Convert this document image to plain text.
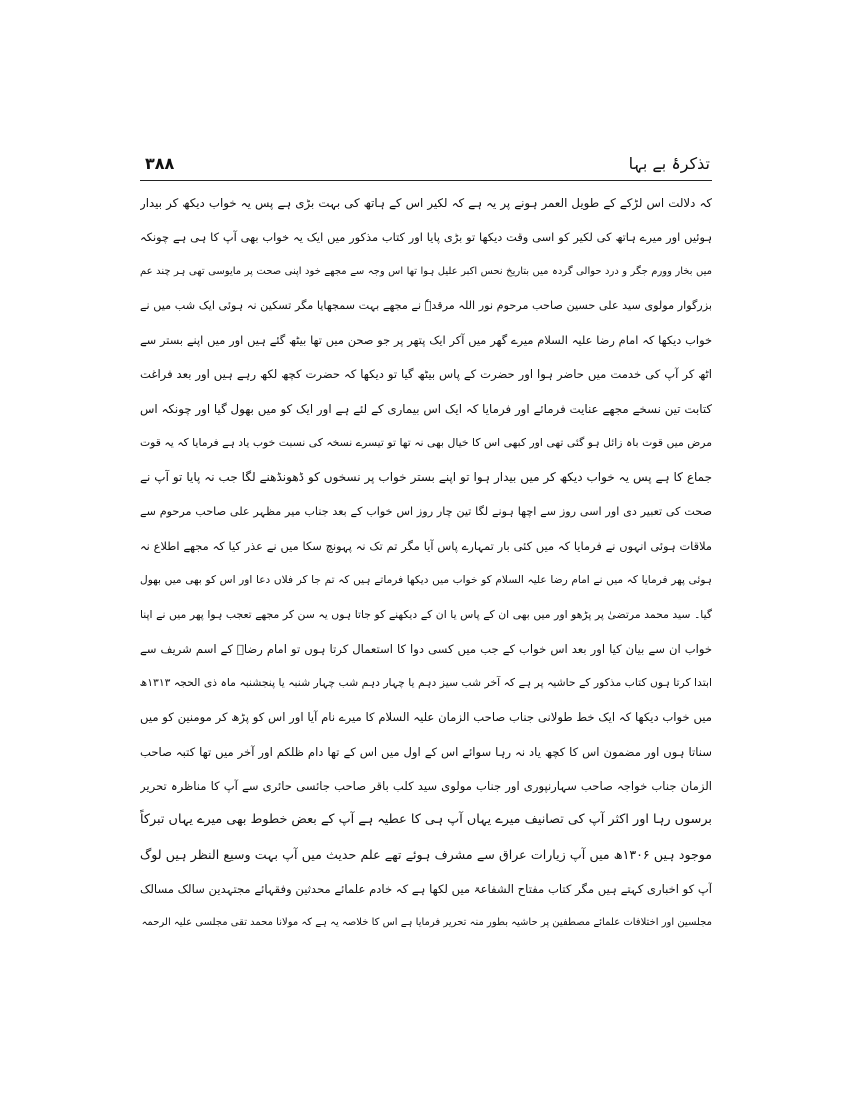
تذکرۂ بے بہا
۳۸۸
کہ دلالت اس لڑکے کے طویل العمر ہونے پر یہ ہے کہ لکیر اس کے ہاتھ کی بہت بڑی ہے پس یہ خواب دیکھ کر بیدار
ہوئیں اور میرے ہاتھ کی لکیر کو اسی وقت دیکھا تو بڑی پایا اور کتاب مذکور میں ایک یہ خواب بھی آپ کا ہی ہے چونکہ
میں بخار وورم جگر و درد حوالی گردہ میں بتاریخ نحس اکبر علیل ہوا تھا اس وجہ سے مجھے خود اپنی صحت پر مایوسی تھی ہر چند عم
بزرگوار مولوی سید علی حسین صاحب مرحوم نور اللہ مرقدہٗ نے مجھے بہت سمجھایا مگر تسکین نہ ہوئی ایک شب میں نے
خواب دیکھا کہ امام رضا علیہ السلام میرے گھر میں آکر ایک پتھر پر جو صحن میں تھا بیٹھ گئے ہیں اور میں اپنے بستر سے
اٹھ کر آپ کی خدمت میں حاضر ہوا اور حضرت کے پاس بیٹھ گیا تو دیکھا کہ حضرت کچھ لکھ رہے ہیں اور بعد فراغت
کتابت تین نسخے مجھے عنایت فرمائے اور فرمایا کہ ایک اس بیماری کے لئے ہے اور ایک کو میں بھول گیا اور چونکہ اس
مرض میں قوت باہ زائل ہو گئی تھی اور کبھی اس کا خیال بھی نہ تھا تو تیسرے نسخہ کی نسبت خوب یاد ہے فرمایا کہ یہ قوت
جماع کا ہے پس یہ خواب دیکھ کر میں بیدار ہوا تو اپنے بستر خواب پر نسخوں کو ڈھونڈھنے لگا جب نہ پایا تو آپ نے
صحت کی تعبیر دی اور اسی روز سے اچھا ہونے لگا تین چار روز اس خواب کے بعد جناب میر مظہر علی صاحب مرحوم سے
ملاقات ہوئی انہوں نے فرمایا کہ میں کئی بار تمہارے پاس آیا مگر تم تک نہ پہونچ سکا میں نے عذر کیا کہ مجھے اطلاع نہ
ہوئی پھر فرمایا کہ میں نے امام رضا علیہ السلام کو خواب میں دیکھا فرماتے ہیں کہ تم جا کر فلاں دعا اور اس کو بھی میں بھول
گیا۔ سید محمد مرتضیٰ پر پڑھو اور میں بھی ان کے پاس یا ان کے دیکھنے کو جاتا ہوں یہ سن کر مجھے تعجب ہوا پھر میں نے اپنا
خواب ان سے بیان کیا اور بعد اس خواب کے جب میں کسی دوا کا استعمال کرتا ہوں تو امام رضاؑ کے اسم شریف سے
ابتدا کرتا ہوں کتاب مذکور کے حاشیہ پر ہے کہ آخر شب سیز دہم یا چہار دہم شب چہار شنبہ یا پنجشنبہ ماہ ذی الحجہ ۱۳۱۳ھ
میں خواب دیکھا کہ ایک خط طولانی جناب صاحب الزمان علیہ السلام کا میرے نام آیا اور اس کو پڑھ کر مومنین کو میں
سناتا ہوں اور مضمون اس کا کچھ یاد نہ رہا سوائے اس کے اول میں اس کے تھا دام ظلکم اور آخر میں تھا کتبہ صاحب
الزمان جناب خواجہ صاحب سہارنپوری اور جناب مولوی سید کلب باقر صاحب جائسی حائری سے آپ کا مناظرہ تحریر
برسوں رہا اور اکثر آپ کی تصانیف میرے یہاں آپ ہی کا عطیہ ہے آپ کے بعض خطوط بھی میرے یہاں تبرکاً
موجود ہیں ۱۳۰۶ھ میں آپ زیارات عراق سے مشرف ہوئے تھے علم حدیث میں آپ بہت وسیع النظر ہیں لوگ
آپ کو اخباری کہتے ہیں مگر کتاب مفتاح الشفاعۃ میں لکھا ہے کہ خادم علمائے محدثین وفقہائے مجتہدین سالک مسالک
مجلسین اور اختلافات علمائے مصطفین پر حاشیہ بطور منہ تحریر فرمایا ہے اس کا خلاصہ یہ ہے کہ مولانا محمد تقی مجلسی علیہ الرحمہ
